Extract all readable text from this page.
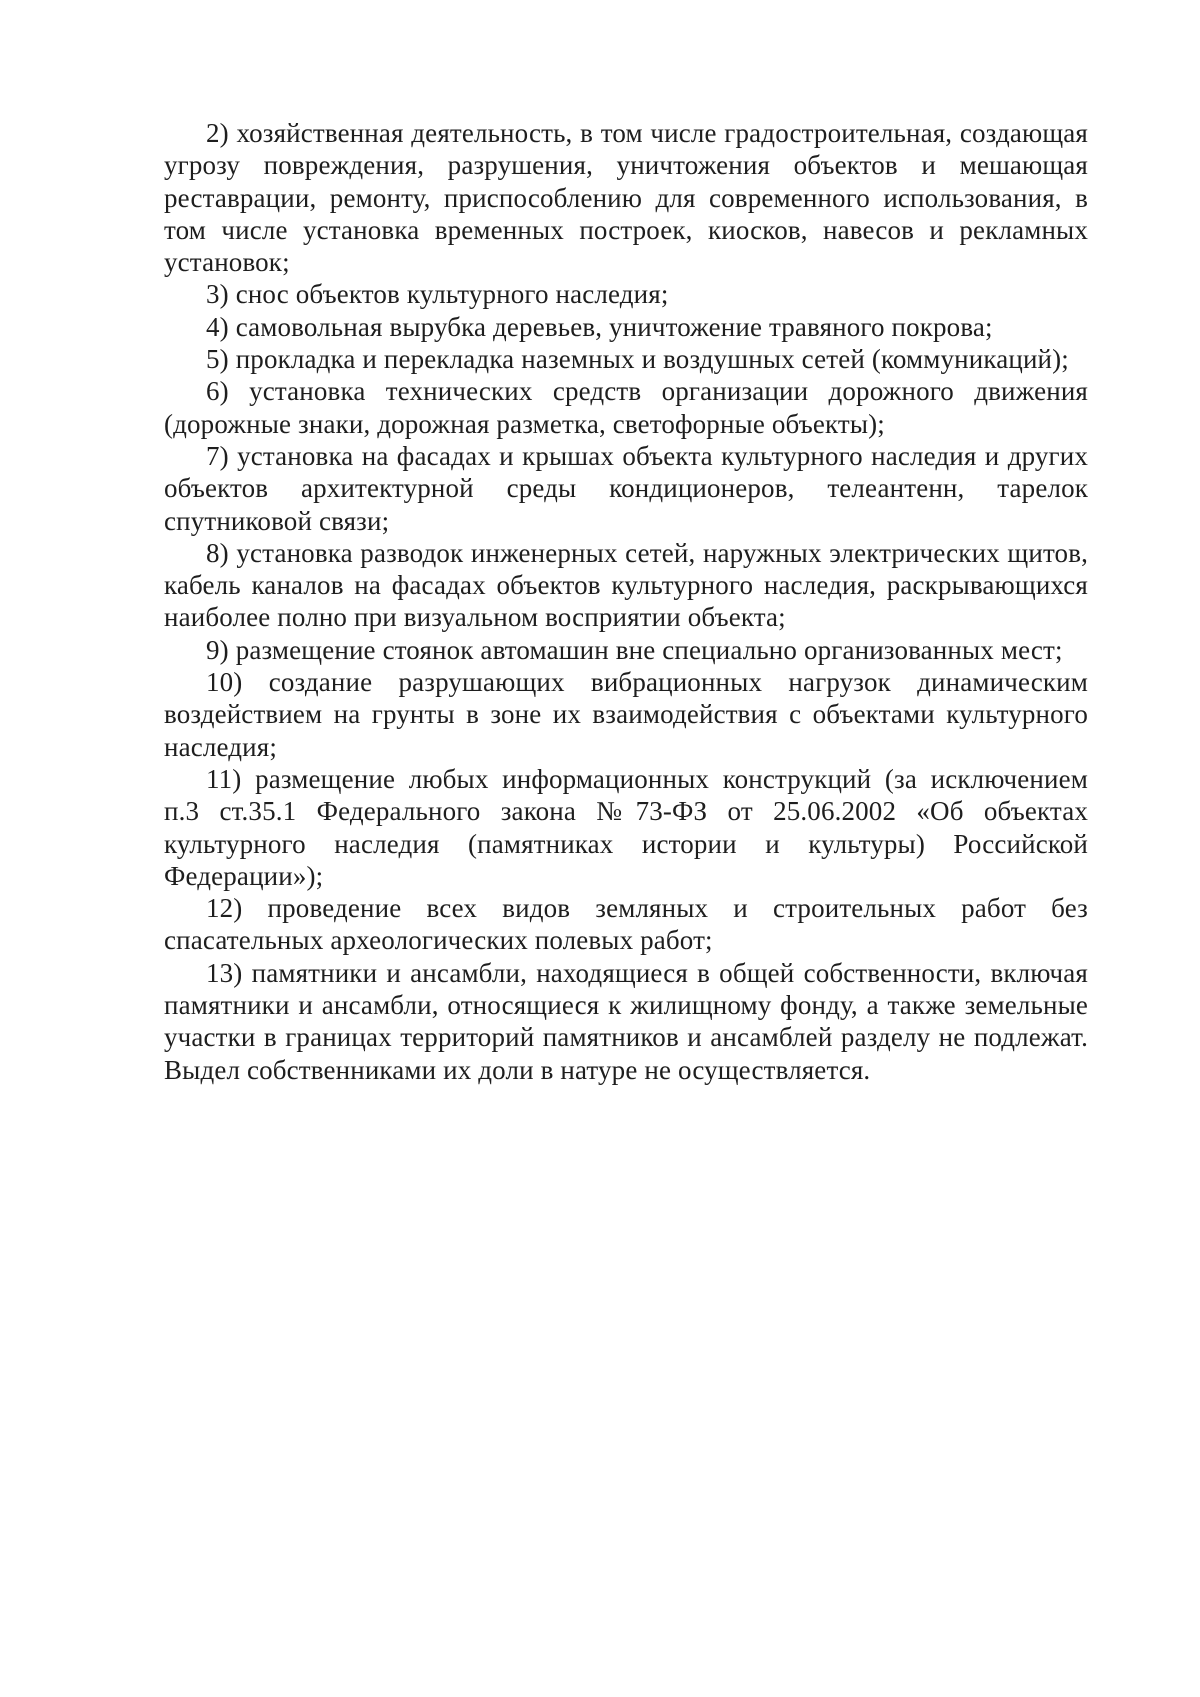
2) хозяйственная деятельность, в том числе градостроительная, создающая угрозу повреждения, разрушения, уничтожения объектов и мешающая реставрации, ремонту, приспособлению для современного использования, в том числе установка временных построек, киосков, навесов и рекламных установок;

3) снос объектов культурного наследия;

4) самовольная вырубка деревьев, уничтожение травяного покрова;

5) прокладка и перекладка наземных и воздушных сетей (коммуникаций);

6) установка технических средств организации дорожного движения (дорожные знаки, дорожная разметка, светофорные объекты);

7) установка на фасадах и крышах объекта культурного наследия и других объектов архитектурной среды кондиционеров, телеантенн, тарелок спутниковой связи;

8) установка разводок инженерных сетей, наружных электрических щитов, кабель каналов на фасадах объектов культурного наследия, раскрывающихся наиболее полно при визуальном восприятии объекта;

9) размещение стоянок автомашин вне специально организованных мест;

10) создание разрушающих вибрационных нагрузок динамическим воздействием на грунты в зоне их взаимодействия с объектами культурного наследия;

11) размещение любых информационных конструкций (за исключением п.3 ст.35.1 Федерального закона №73-ФЗ от 25.06.2002 «Об объектах культурного наследия (памятниках истории и культуры) Российской Федерации»);

12) проведение всех видов земляных и строительных работ без спасательных археологических полевых работ;

13) памятники и ансамбли, находящиеся в общей собственности, включая памятники и ансамбли, относящиеся к жилищному фонду, а также земельные участки в границах территорий памятников и ансамблей разделу не подлежат. Выдел собственниками их доли в натуре не осуществляется.
